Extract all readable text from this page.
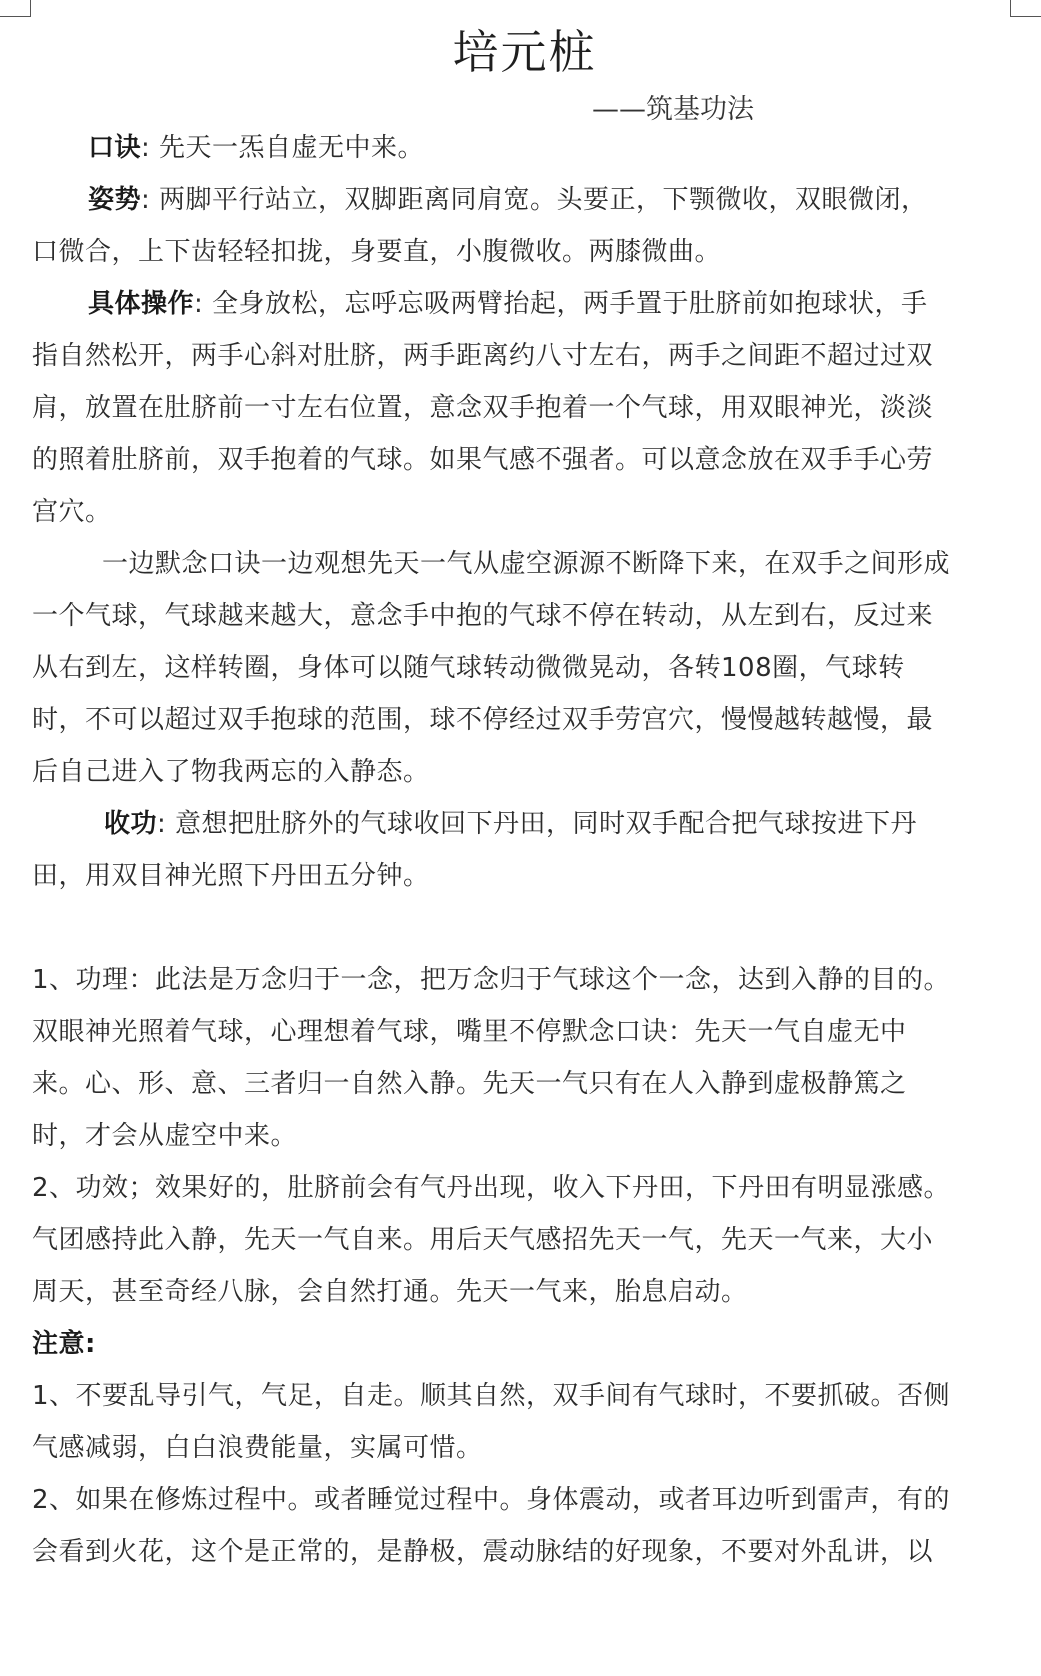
培元桩
——筑基功法
口诀: 先天一炁自虚无中来。
姿势: 两脚平行站立，双脚距离同肩宽。头要正，下颚微收，双眼微闭，
口微合，上下齿轻轻扣拢，身要直，小腹微收。两膝微曲。
具体操作: 全身放松，忘呼忘吸两臂抬起，两手置于肚脐前如抱球状，手
指自然松开，两手心斜对肚脐，两手距离约八寸左右，两手之间距不超过过双
肩，放置在肚脐前一寸左右位置，意念双手抱着一个气球，用双眼神光，淡淡
的照着肚脐前，双手抱着的气球。如果气感不强者。可以意念放在双手手心劳
宫穴。
一边默念口诀一边观想先天一气从虚空源源不断降下来，在双手之间形成
一个气球，气球越来越大，意念手中抱的气球不停在转动，从左到右，反过来
从右到左，这样转圈，身体可以随气球转动微微晃动，各转108圈，气球转
时，不可以超过双手抱球的范围，球不停经过双手劳宫穴，慢慢越转越慢，最
后自己进入了物我两忘的入静态。
收功: 意想把肚脐外的气球收回下丹田，同时双手配合把气球按进下丹
田，用双目神光照下丹田五分钟。
1、功理：此法是万念归于一念，把万念归于气球这个一念，达到入静的目的。
双眼神光照着气球，心理想着气球，嘴里不停默念口诀：先天一气自虚无中
来。心、形、意、三者归一自然入静。先天一气只有在人入静到虚极静篤之
时，才会从虚空中来。
2、功效；效果好的，肚脐前会有气丹出现，收入下丹田，下丹田有明显涨感。
气团感持此入静，先天一气自来。用后天气感招先天一气，先天一气来，大小
周天，甚至奇经八脉，会自然打通。先天一气来，胎息启动。
注意:
1、不要乱导引气，气足，自走。顺其自然，双手间有气球时，不要抓破。否侧
气感减弱，白白浪费能量，实属可惜。
2、如果在修炼过程中。或者睡觉过程中。身体震动，或者耳边听到雷声，有的
会看到火花，这个是正常的，是静极，震动脉结的好现象，不要对外乱讲，以
